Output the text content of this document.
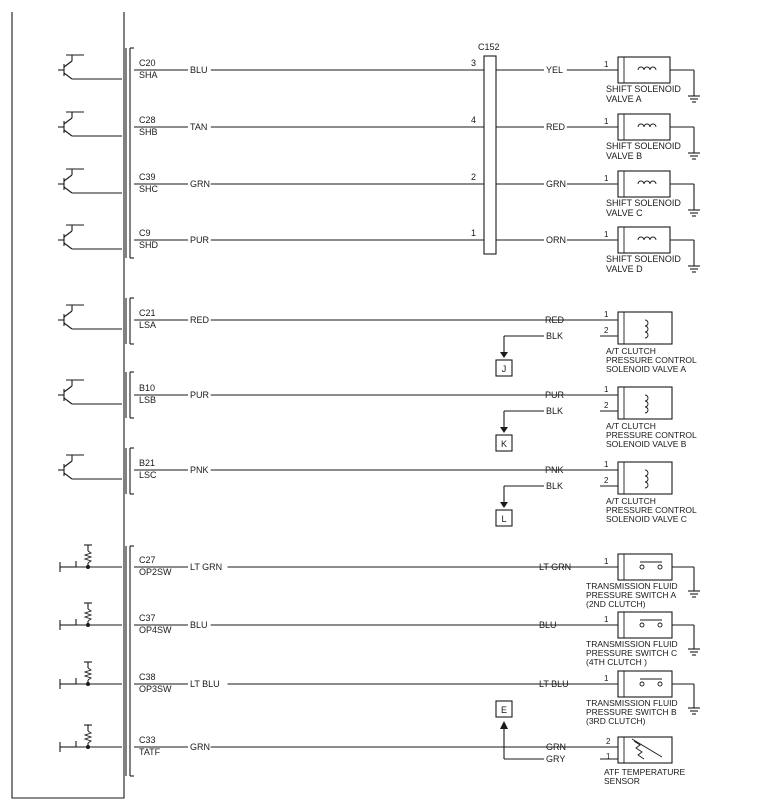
C152
C20
SHA	BLU
3
YEL
1
SHIFT SOLENOID
VALVE A
C28
SHB	TAN
4
RED
1
SHIFT SOLENOID
VALVE B
C39
SHC	GRN
2
GRN
1
SHIFT SOLENOID
VALVE C
C9
SHD	PUR
1
ORN
1
SHIFT SOLENOID
VALVE D
C21
LSA	RED	RED
1
2
BLK
J
A/T CLUTCH
PRESSURE CONTROL
SOLENOID VALVE A
B10
LSB	PUR	PUR
1
2
BLK
K
A/T CLUTCH
PRESSURE CONTROL
SOLENOID VALVE B
B21
LSC	PNK	PNK
1
2
BLK
L
A/T CLUTCH
PRESSURE CONTROL
SOLENOID VALVE C
C27
OP2SW LT GRN	LT GRN
1
TRANSMISSION FLUID
PRESSURE SWITCH A
(2ND CLUTCH)
C37
OP4SW BLU	BLU
1
TRANSMISSION FLUID
PRESSURE SWITCH C
(4TH CLUTCH )
C38
OP3SW LT BLU	LT BLU
1
TRANSMISSION FLUID
PRESSURE SWITCH B
(3RD CLUTCH)
C33
TATF	GRN	GRN
2
1
GRY
E
ATF TEMPERATURE
SENSOR
